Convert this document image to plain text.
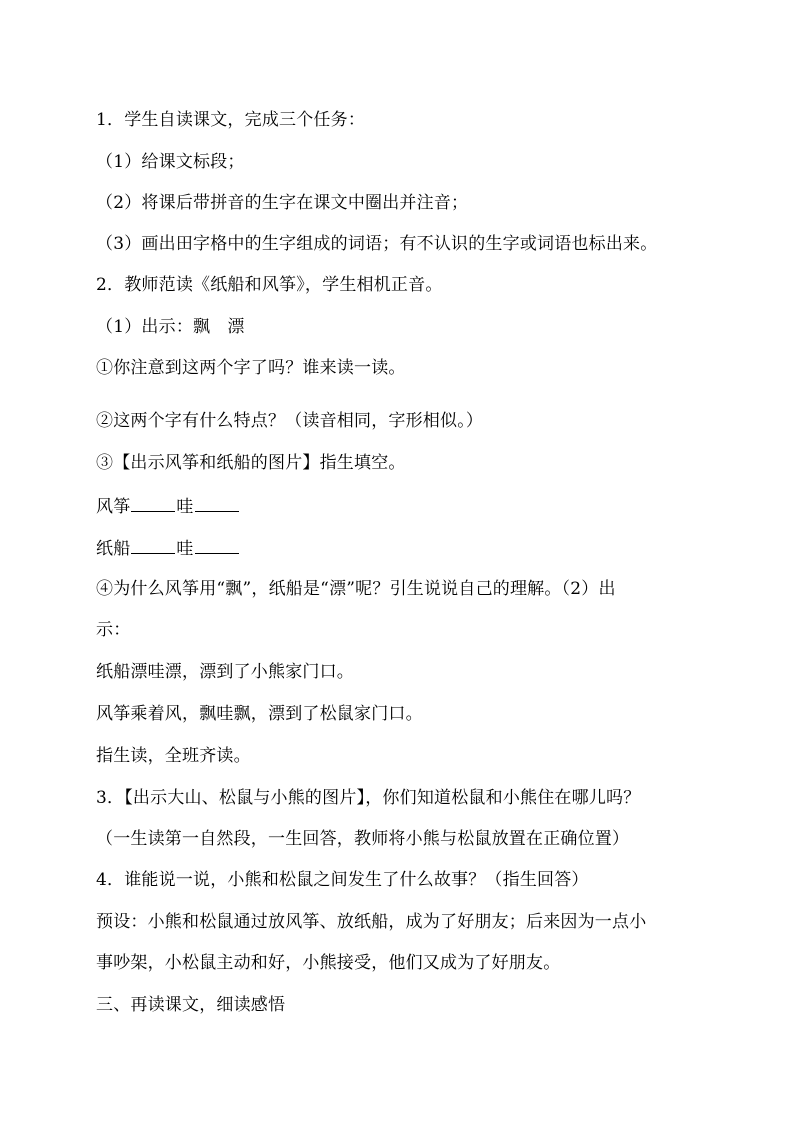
1．学生自读课文，完成三个任务：
（1）给课文标段；
（2）将课后带拼音的生字在课文中圈出并注音；
（3）画出田字格中的生字组成的词语；有不认识的生字或词语也标出来。
2．教师范读《纸船和风筝》，学生相机正音。
（1）出示：飘　漂
①你注意到这两个字了吗？谁来读一读。
②这两个字有什么特点？（读音相同，字形相似。）
③【出示风筝和纸船的图片】指生填空。
风筝	哇
纸船	哇
④为什么风筝用“飘”，纸船是“漂”呢？引生说说自己的理解。（2）出
示：
纸船漂哇漂，漂到了小熊家门口。
风筝乘着风，飘哇飘，漂到了松鼠家门口。
指生读，全班齐读。
3．【出示大山、松鼠与小熊的图片】，你们知道松鼠和小熊住在哪儿吗？
（一生读第一自然段，一生回答，教师将小熊与松鼠放置在正确位置）
4．谁能说一说，小熊和松鼠之间发生了什么故事？（指生回答）
预设：小熊和松鼠通过放风筝、放纸船，成为了好朋友；后来因为一点小
事吵架，小松鼠主动和好，小熊接受，他们又成为了好朋友。
三、再读课文，细读感悟
